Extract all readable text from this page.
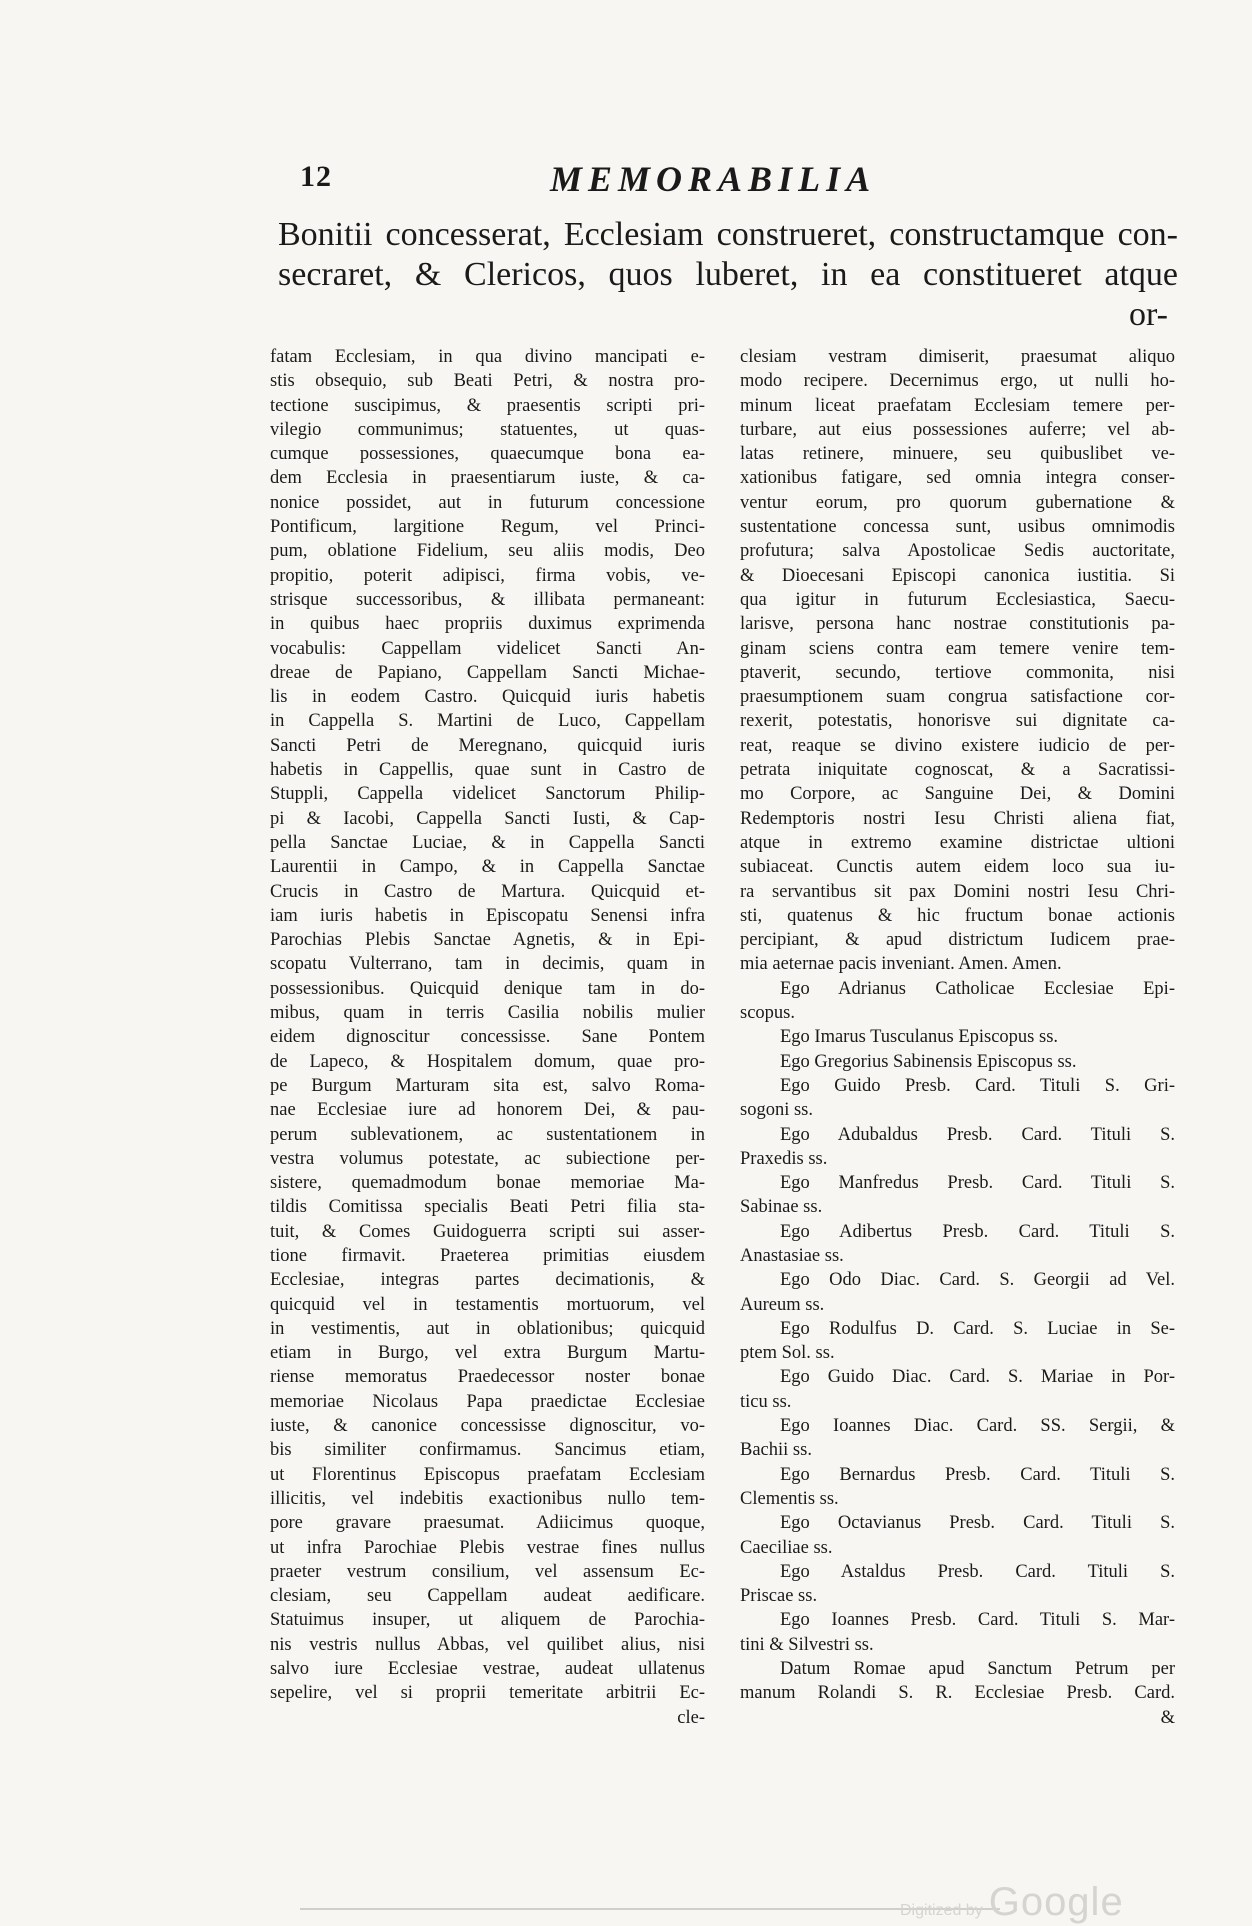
12	MEMORABILIA

Bonitii concesserat, Ecclesiam construeret, constructamque con-

secraret, & Clericos, quos luberet, in ea constitueret atque

or-

fatam Ecclesiam, in qua divino mancipati e-

stis obsequio, sub Beati Petri, & nostra pro-

tectione suscipimus, & praesentis scripti pri-

vilegio communimus; statuentes, ut quas-

cumque possessiones, quaecumque bona ea-

dem Ecclesia in praesentiarum iuste, & ca-

nonice possidet, aut in futurum concessione

Pontificum, largitione Regum, vel Princi-

pum, oblatione Fidelium, seu aliis modis, Deo

propitio, poterit adipisci, firma vobis, ve-

strisque successoribus, & illibata permaneant:

in quibus haec propriis duximus exprimenda

vocabulis: Cappellam videlicet Sancti An-

dreae de Papiano, Cappellam Sancti Michae-

lis in eodem Castro. Quicquid iuris habetis

in Cappella S. Martini de Luco, Cappellam

Sancti Petri de Meregnano, quicquid iuris

habetis in Cappellis, quae sunt in Castro de

Stuppli, Cappella videlicet Sanctorum Philip-

pi & Iacobi, Cappella Sancti Iusti, & Cap-

pella Sanctae Luciae, & in Cappella Sancti

Laurentii in Campo, & in Cappella Sanctae

Crucis in Castro de Martura. Quicquid et-

iam iuris habetis in Episcopatu Senensi infra

Parochias Plebis Sanctae Agnetis, & in Epi-

scopatu Vulterrano, tam in decimis, quam in

possessionibus. Quicquid denique tam in do-

mibus, quam in terris Casilia nobilis mulier

eidem dignoscitur concessisse. Sane Pontem

de Lapeco, & Hospitalem domum, quae pro-

pe Burgum Marturam sita est, salvo Roma-

nae Ecclesiae iure ad honorem Dei, & pau-

perum sublevationem, ac sustentationem in

vestra volumus potestate, ac subiectione per-

sistere, quemadmodum bonae memoriae Ma-

tildis Comitissa specialis Beati Petri filia sta-

tuit, & Comes Guidoguerra scripti sui asser-

tione firmavit. Praeterea primitias eiusdem

Ecclesiae, integras partes decimationis, &

quicquid vel in testamentis mortuorum, vel

in vestimentis, aut in oblationibus; quicquid

etiam in Burgo, vel extra Burgum Martu-

riense memoratus Praedecessor noster bonae

memoriae Nicolaus Papa praedictae Ecclesiae

iuste, & canonice concessisse dignoscitur, vo-

bis similiter confirmamus. Sancimus etiam,

ut Florentinus Episcopus praefatam Ecclesiam

illicitis, vel indebitis exactionibus nullo tem-

pore gravare praesumat. Adiicimus quoque,

ut infra Parochiae Plebis vestrae fines nullus

praeter vestrum consilium, vel assensum Ec-

clesiam, seu Cappellam audeat aedificare.

Statuimus insuper, ut aliquem de Parochia-

nis vestris nullus Abbas, vel quilibet alius, nisi

salvo iure Ecclesiae vestrae, audeat ullatenus

sepelire, vel si proprii temeritate arbitrii Ec-

cle-

clesiam vestram dimiserit, praesumat aliquo

modo recipere. Decernimus ergo, ut nulli ho-

minum liceat praefatam Ecclesiam temere per-

turbare, aut eius possessiones auferre; vel ab-

latas retinere, minuere, seu quibuslibet ve-

xationibus fatigare, sed omnia integra conser-

ventur eorum, pro quorum gubernatione &

sustentatione concessa sunt, usibus omnimodis

profutura; salva Apostolicae Sedis auctoritate,

& Dioecesani Episcopi canonica iustitia. Si

qua igitur in futurum Ecclesiastica, Saecu-

larisve, persona hanc nostrae constitutionis pa-

ginam sciens contra eam temere venire tem-

ptaverit, secundo, tertiove commonita, nisi

praesumptionem suam congrua satisfactione cor-

rexerit, potestatis, honorisve sui dignitate ca-

reat, reaque se divino existere iudicio de per-

petrata iniquitate cognoscat, & a Sacratissi-

mo Corpore, ac Sanguine Dei, & Domini

Redemptoris nostri Iesu Christi aliena fiat,

atque in extremo examine districtae ultioni

subiaceat. Cunctis autem eidem loco sua iu-

ra servantibus sit pax Domini nostri Iesu Chri-

sti, quatenus & hic fructum bonae actionis

percipiant, & apud districtum Iudicem prae-

mia aeternae pacis inveniant. Amen. Amen.

Ego Adrianus Catholicae Ecclesiae Epi-

scopus.

Ego Imarus Tusculanus Episcopus ss.

Ego Gregorius Sabinensis Episcopus ss.

Ego Guido Presb. Card. Tituli S. Gri-

sogoni ss.

Ego Adubaldus Presb. Card. Tituli S.

Praxedis ss.

Ego Manfredus Presb. Card. Tituli S.

Sabinae ss.

Ego Adibertus Presb. Card. Tituli S.

Anastasiae ss.

Ego Odo Diac. Card. S. Georgii ad Vel.

Aureum ss.

Ego Rodulfus D. Card. S. Luciae in Se-

ptem Sol. ss.

Ego Guido Diac. Card. S. Mariae in Por-

ticu ss.

Ego Ioannes Diac. Card. SS. Sergii, &

Bachii ss.

Ego Bernardus Presb. Card. Tituli S.

Clementis ss.

Ego Octavianus Presb. Card. Tituli S.

Caeciliae ss.

Ego Astaldus Presb. Card. Tituli S.

Priscae ss.

Ego Ioannes Presb. Card. Tituli S. Mar-

tini & Silvestri ss.

Datum Romae apud Sanctum Petrum per

manum Rolandi S. R. Ecclesiae Presb. Card.

&

Digitized by Google
